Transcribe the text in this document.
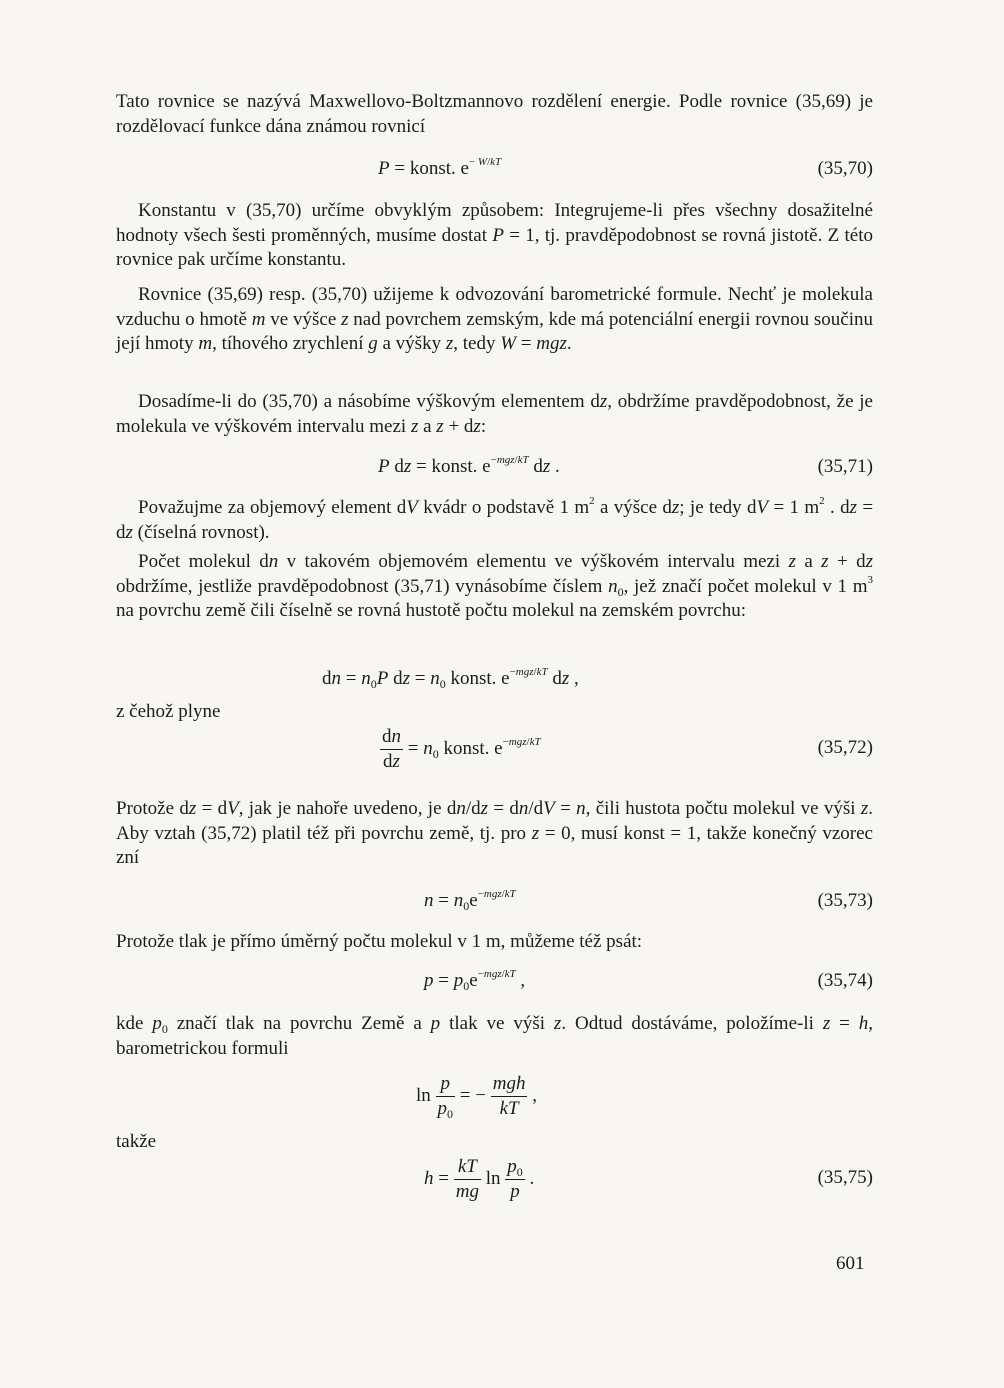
Tato rovnice se nazývá Maxwellovo-Boltzmannovo rozdělení energie. Podle rovnice (35,69) je rozdělovací funkce dána známou rovnicí

P = konst. $e^{- W/kT}$	(35,70)

Konstantu v (35,70) určíme obvyklým způsobem: Integrujeme-li přes všechny dosažitelné hodnoty všech šesti proměnných, musíme dostat P = 1, tj. pravděpodobnost se rovná jistotě. Z této rovnice pak určíme konstantu.

Rovnice (35,69) resp. (35,70) užijeme k odvozování barometrické formule. Nechť je molekula vzduchu o hmotě m ve výšce z nad povrchem zemským, kde má potenciální energii rovnou součinu její hmoty m, tíhového zrychlení g a výšky z, tedy W = mgz.

Dosadíme-li do (35,70) a násobíme výškovým elementem dz, obdržíme pravděpodobnost, že je molekula ve výškovém intervalu mezi z a z + dz:

P dz = konst. $e^{-mgz/kT}$ dz .	(35,71)

Považujme za objemový element dV kvádr o podstavě 1 $m^2$ a výšce dz; je tedy dV = 1 $m^2$ . dz = dz (číselná rovnost).

Počet molekul dn v takovém objemovém elementu ve výškovém intervalu mezi z a z + dz obdržíme, jestliže pravděpodobnost (35,71) vynásobíme číslem $n_0$, jež značí počet molekul v 1 $m^3$ na povrchu země čili číselně se rovná hustotě počtu molekul na zemském povrchu:

dn = $n_0P$ dz = $n_0$ konst. $e^{-mgz/kT}$ dz ,

z čehož plyne

$\frac{dn}{dz} = n_0$ konst. $e^{-mgz/kT}$	(35,72)

Protože dz = dV, jak je nahoře uvedeno, je dn/dz = dn/dV = n, čili hustota počtu molekul ve výši z. Aby vztah (35,72) platil též při povrchu země, tj. pro z = 0, musí konst = 1, takže konečný vzorec zní

$n = n_0e^{-mgz/kT}$	(35,73)

Protože tlak je přímo úměrný počtu molekul v 1 m, můžeme též psát:

$p = p_0e^{-mgz/kT}$ ,	(35,74)

kde $p_0$ značí tlak na povrchu Země a p tlak ve výši z. Odtud dostáváme, položíme-li z = h, barometrickou formuli

$\ln \frac{p}{p_0}$ = − $\frac{\text{mgh}}{kT}$ ,

takže

$h = \frac{kT}{mg}$ $\ln \frac{p_0}{p}$ .	(35,75)
601
